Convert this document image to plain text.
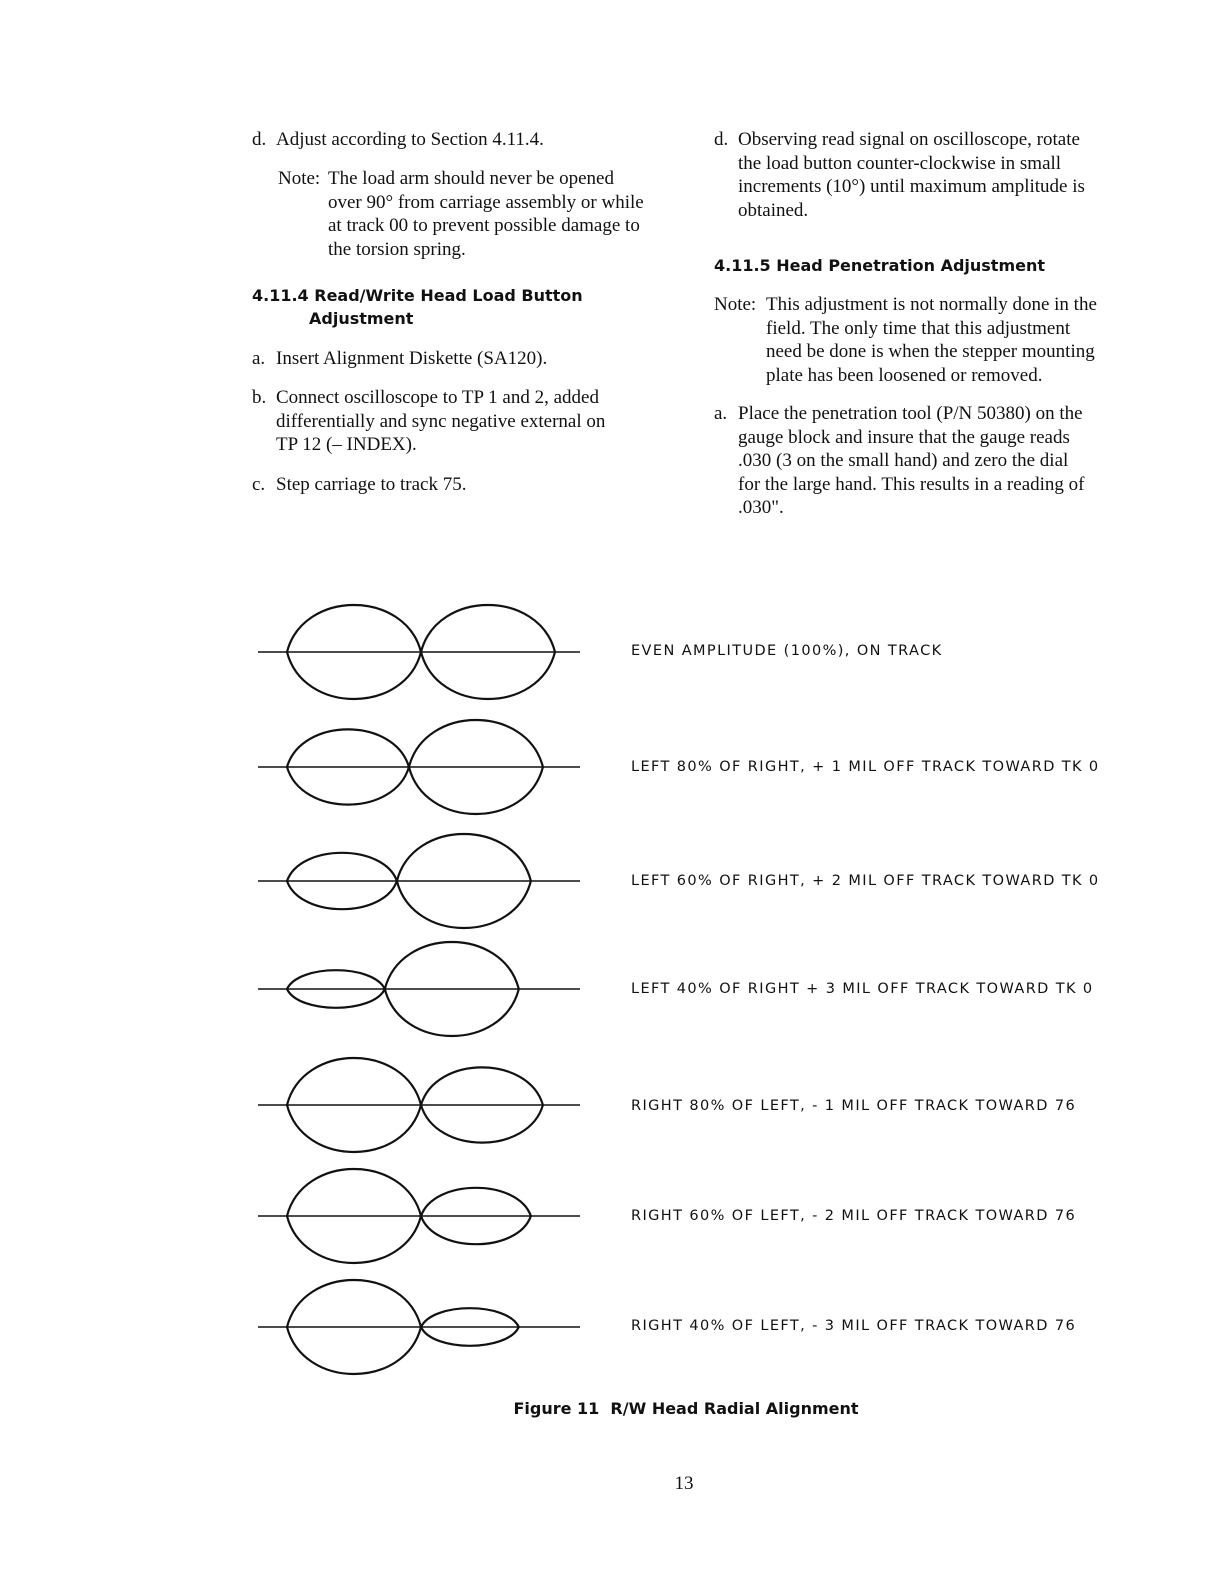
d. Adjust according to Section 4.11.4.
Note: The load arm should never be opened
over 90° from carriage assembly or while
at track 00 to prevent possible damage to
the torsion spring.
4.11.4 Read/Write Head Load Button
Adjustment
a. Insert Alignment Diskette (SA120).
b. Connect oscilloscope to TP 1 and 2, added
differentially and sync negative external on
TP 12 (– INDEX).
c. Step carriage to track 75.
d. Observing read signal on oscilloscope, rotate
the load button counter-clockwise in small
increments (10°) until maximum amplitude is
obtained.
4.11.5 Head Penetration Adjustment
Note: This adjustment is not normally done in the
field. The only time that this adjustment
need be done is when the stepper mounting
plate has been loosened or removed.
a. Place the penetration tool (P/N 50380) on the
gauge block and insure that the gauge reads
.030 (3 on the small hand) and zero the dial
for the large hand. This results in a reading of
.030".
EVEN AMPLITUDE (100%), ON TRACK
LEFT 80% OF RIGHT, + 1 MIL OFF TRACK TOWARD TK 0
LEFT 60% OF RIGHT, + 2 MIL OFF TRACK TOWARD TK 0
LEFT 40% OF RIGHT + 3 MIL OFF TRACK TOWARD TK 0
RIGHT 80% OF LEFT, - 1 MIL OFF TRACK TOWARD 76
RIGHT 60% OF LEFT, - 2 MIL OFF TRACK TOWARD 76
RIGHT 40% OF LEFT, - 3 MIL OFF TRACK TOWARD 76
Figure 11  R/W Head Radial Alignment
13
